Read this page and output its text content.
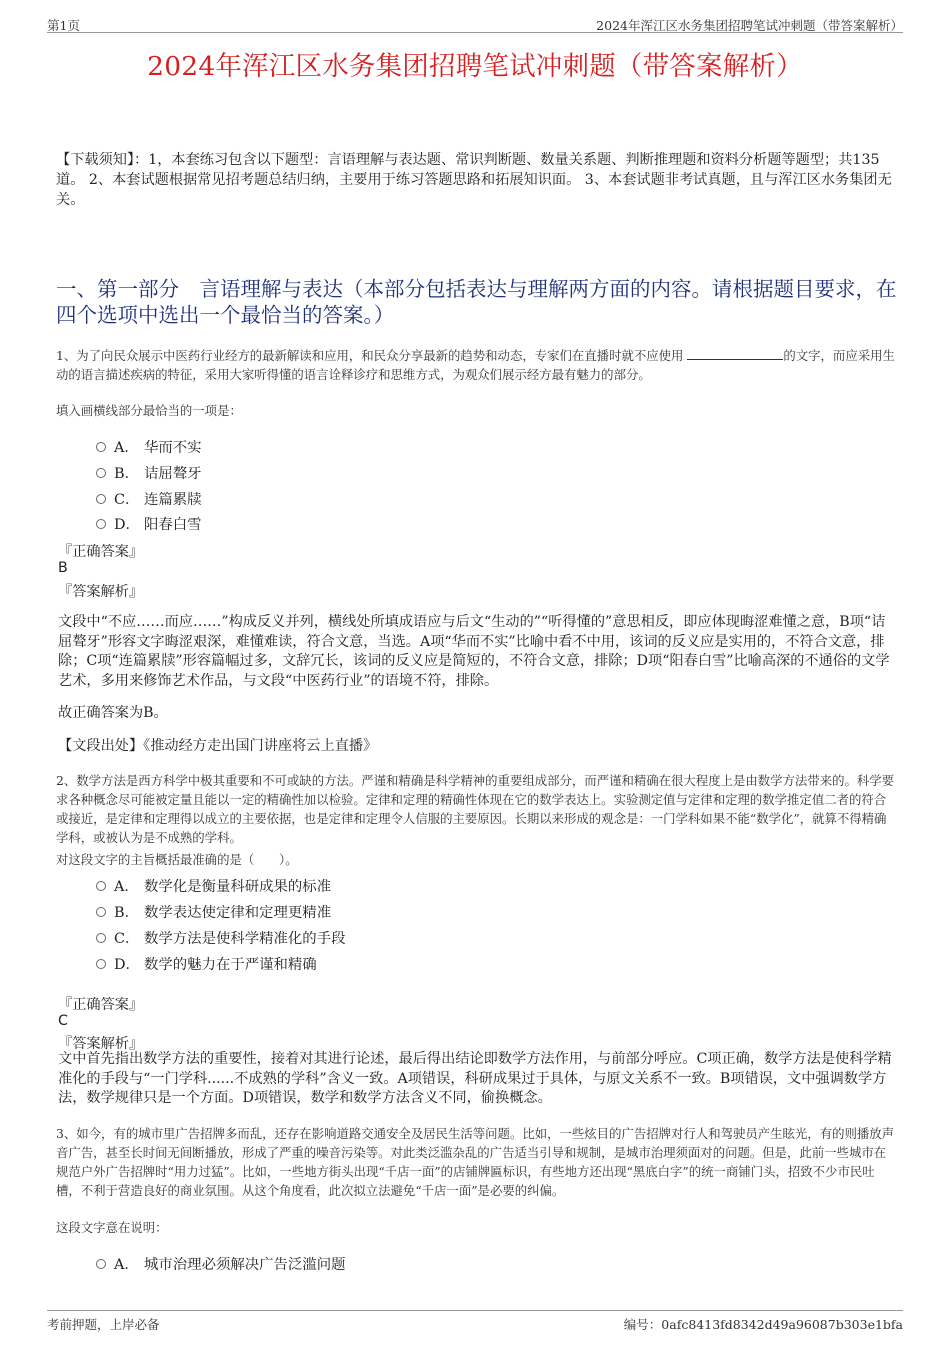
第1页	2024年浑江区水务集团招聘笔试冲刺题（带答案解析）
2024年浑江区水务集团招聘笔试冲刺题（带答案解析）
【下载须知】：1，本套练习包含以下题型：言语理解与表达题、常识判断题、数量关系题、判断推理题和资料分析题等题型；共135道。 2、本套试题根据常见招考题总结归纳，主要用于练习答题思路和拓展知识面。 3、本套试题非考试真题，且与浑江区水务集团无关。
一、第一部分　言语理解与表达（本部分包括表达与理解两方面的内容。请根据题目要求，在四个选项中选出一个最恰当的答案。）
1、为了向民众展示中医药行业经方的最新解读和应用，和民众分享最新的趋势和动态，专家们在直播时就不应使用	的文字，而应采用生动的语言描述疾病的特征，采用大家听得懂的语言诠释诊疗和思维方式，为观众们展示经方最有魅力的部分。
填入画横线部分最恰当的一项是：
A． 华而不实
B． 诘屈聱牙
C． 连篇累牍
D． 阳春白雪
『正确答案』
B
『答案解析』
文段中“不应……而应……”构成反义并列，横线处所填成语应与后文“生动的”“听得懂的”意思相反，即应体现晦涩难懂之意，B项“诘屈聱牙”形容文字晦涩艰深，难懂难读，符合文意，当选。A项“华而不实”比喻中看不中用，该词的反义应是实用的，不符合文意，排除；C项“连篇累牍”形容篇幅过多，文辞冗长，该词的反义应是简短的，不符合文意，排除；D项“阳春白雪”比喻高深的不通俗的文学艺术，多用来修饰艺术作品，与文段“中医药行业”的语境不符，排除。
故正确答案为B。
【文段出处】《推动经方走出国门讲座将云上直播》
2、数学方法是西方科学中极其重要和不可或缺的方法。严谨和精确是科学精神的重要组成部分，而严谨和精确在很大程度上是由数学方法带来的。科学要求各种概念尽可能被定量且能以一定的精确性加以检验。定律和定理的精确性体现在它的数学表达上。实验测定值与定律和定理的数学推定值二者的符合或接近，是定律和定理得以成立的主要依据，也是定律和定理令人信服的主要原因。长期以来形成的观念是：一门学科如果不能“数学化”，就算不得精确学科，或被认为是不成熟的学科。
对这段文字的主旨概括最准确的是（　　）。
A． 数学化是衡量科研成果的标准
B． 数学表达使定律和定理更精准
C． 数学方法是使科学精准化的手段
D． 数学的魅力在于严谨和精确
『正确答案』
C
『答案解析』
文中首先指出数学方法的重要性，接着对其进行论述，最后得出结论即数学方法作用，与前部分呼应。C项正确，数学方法是使科学精准化的手段与“一门学科......不成熟的学科”含义一致。A项错误，科研成果过于具体，与原文关系不一致。B项错误，文中强调数学方法，数学规律只是一个方面。D项错误，数学和数学方法含义不同，偷换概念。
3、如今，有的城市里广告招牌多而乱，还存在影响道路交通安全及居民生活等问题。比如，一些炫目的广告招牌对行人和驾驶员产生眩光，有的则播放声音广告，甚至长时间无间断播放，形成了严重的噪音污染等。对此类泛滥杂乱的广告适当引导和规制，是城市治理须面对的问题。但是，此前一些城市在规范户外广告招牌时“用力过猛”。比如，一些地方街头出现“千店一面”的店铺牌匾标识，有些地方还出现“黑底白字”的统一商铺门头，招致不少市民吐槽，不利于营造良好的商业氛围。从这个角度看，此次拟立法避免“千店一面”是必要的纠偏。
这段文字意在说明：
A． 城市治理必须解决广告泛滥问题
考前押题，上岸必备	编号：0afc8413fd8342d49a96087b303e1bfa
